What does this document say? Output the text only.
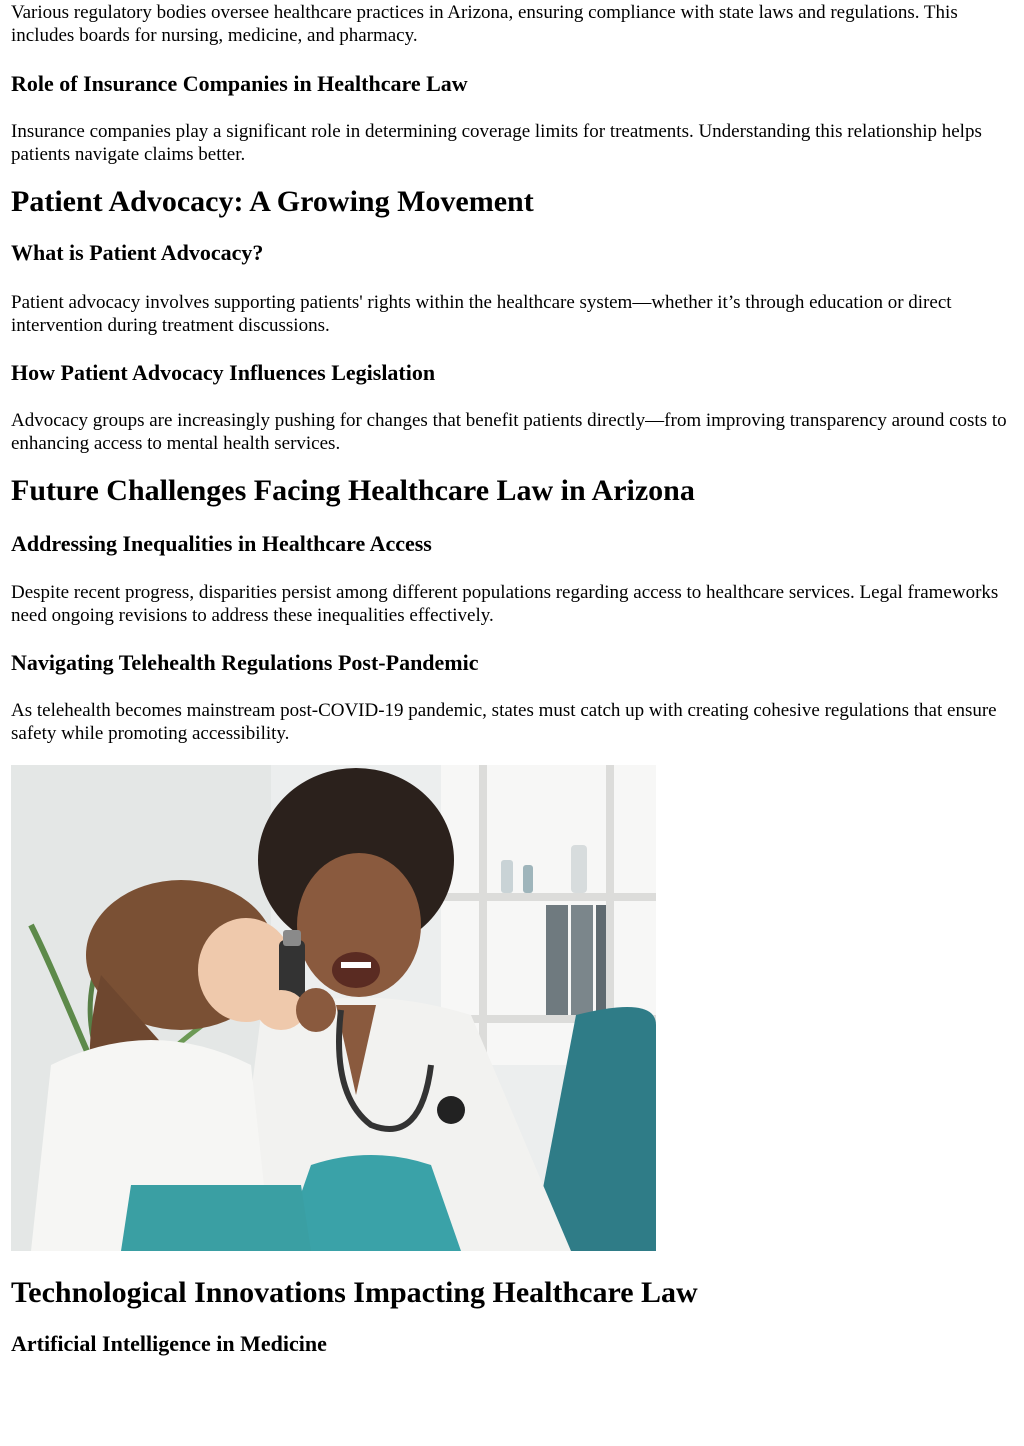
Various regulatory bodies oversee healthcare practices in Arizona, ensuring compliance with state laws and regulations. This includes boards for nursing, medicine, and pharmacy.

Role of Insurance Companies in Healthcare Law

Insurance companies play a significant role in determining coverage limits for treatments. Understanding this relationship helps patients navigate claims better.

Patient Advocacy: A Growing Movement
What is Patient Advocacy?

Patient advocacy involves supporting patients' rights within the healthcare system—whether it’s through education or direct intervention during treatment discussions.

How Patient Advocacy Influences Legislation

Advocacy groups are increasingly pushing for changes that benefit patients directly—from improving transparency around costs to enhancing access to mental health services.

Future Challenges Facing Healthcare Law in Arizona
Addressing Inequalities in Healthcare Access

Despite recent progress, disparities persist among different populations regarding access to healthcare services. Legal frameworks need ongoing revisions to address these inequalities effectively.

Navigating Telehealth Regulations Post-Pandemic

As telehealth becomes mainstream post-COVID-19 pandemic, states must catch up with creating cohesive regulations that ensure safety while promoting accessibility.

Technological Innovations Impacting Healthcare Law
Artificial Intelligence in Medicine
